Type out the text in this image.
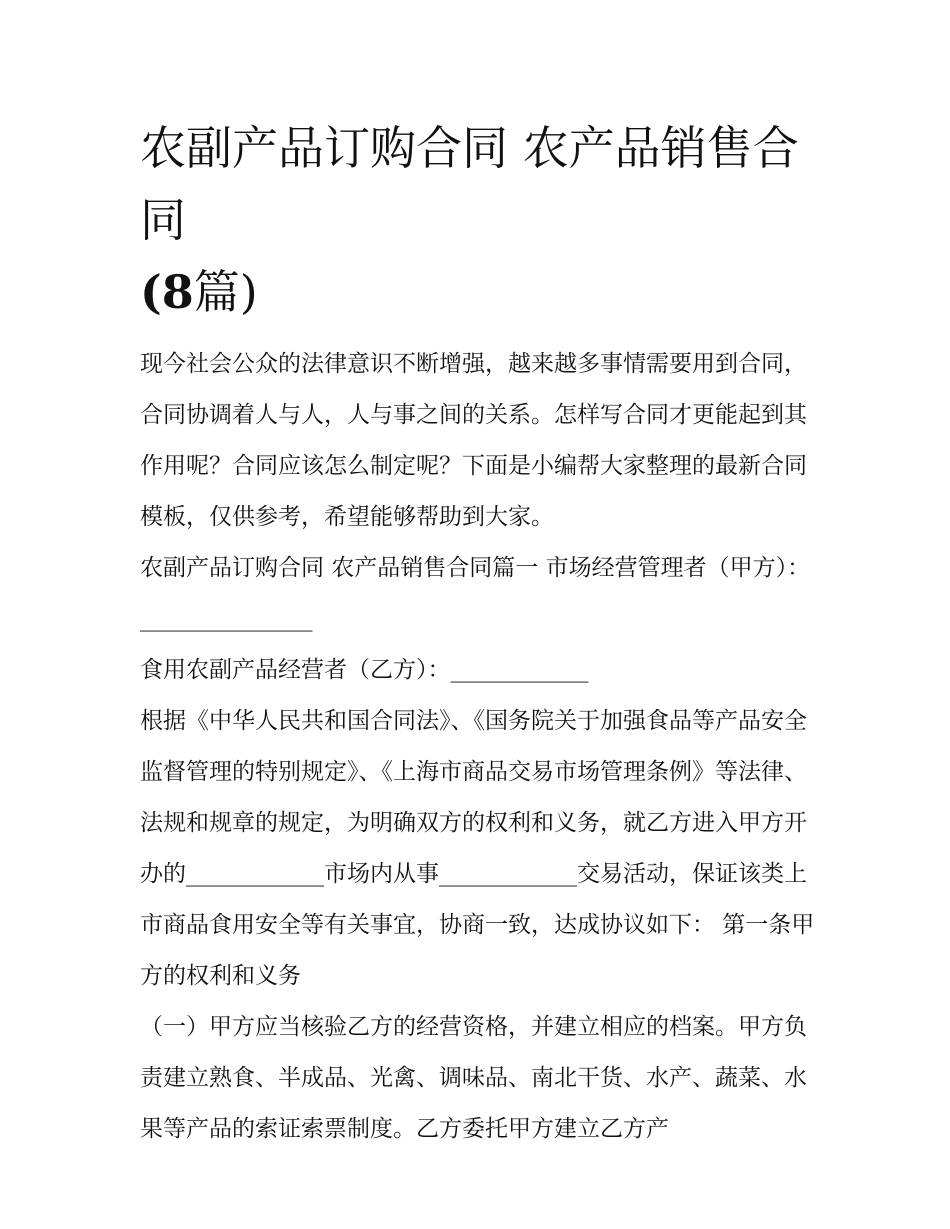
农副产品订购合同 农产品销售合同
(8篇)

现今社会公众的法律意识不断增强，越来越多事情需要用到合同，合同协调着人与人，人与事之间的关系。怎样写合同才更能起到其作用呢？合同应该怎么制定呢？下面是小编帮大家整理的最新合同模板，仅供参考，希望能够帮助到大家。

农副产品订购合同 农产品销售合同篇一 市场经营管理者（甲方）：_______________

食用农副产品经营者（乙方）：____________

根据《中华人民共和国合同法》、《国务院关于加强食品等产品安全监督管理的特别规定》、《上海市商品交易市场管理条例》等法律、法规和规章的规定，为明确双方的权利和义务，就乙方进入甲方开办的____________市场内从事____________交易活动，保证该类上市商品食用安全等有关事宜，协商一致，达成协议如下： 第一条甲方的权利和义务

（一）甲方应当核验乙方的经营资格，并建立相应的档案。甲方负责建立熟食、半成品、光禽、调味品、南北干货、水产、蔬菜、水果等产品的索证索票制度。乙方委托甲方建立乙方产
